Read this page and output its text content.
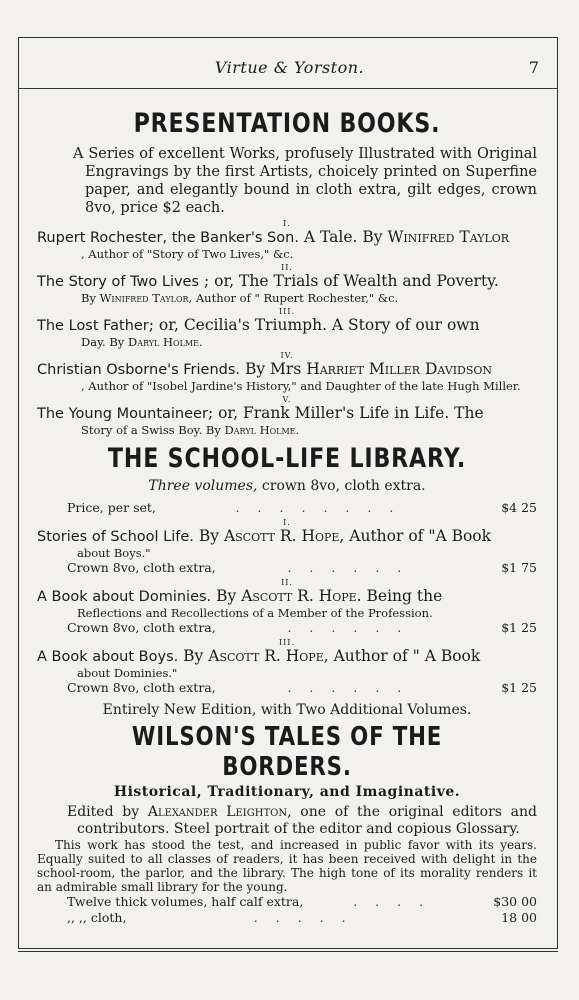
Virtue & Yorston.	7
PRESENTATION BOOKS.
A Series of excellent Works, profusely Illustrated with Original Engravings by the first Artists, choicely printed on Superfine paper, and elegantly bound in cloth extra, gilt edges, crown 8vo, price $2 each.
I.
Rupert Rochester, the Banker's Son. A Tale. By Winifred Taylor
, Author of "Story of Two Lives," &c.
II.
The Story of Two Lives ; or, The Trials of Wealth and Poverty.
By Winifred Taylor, Author of " Rupert Rochester," &c.
III.
The Lost Father; or, Cecilia's Triumph. A Story of our own
Day. By Daryl Holme.
IV.
Christian Osborne's Friends. By Mrs Harriet Miller Davidson
, Author of "Isobel Jardine's History," and Daughter of the late Hugh Miller.
V.
The Young Mountaineer; or, Frank Miller's Life in Life. The
Story of a Swiss Boy. By Daryl Holme.
THE SCHOOL-LIFE LIBRARY.
Three volumes, crown 8vo, cloth extra.
Price, per set,	........	$4 25
I.
Stories of School Life. By Ascott R. Hope, Author of "A Book
about Boys."
Crown 8vo, cloth extra,	......	$1 75
II.
A Book about Dominies. By Ascott R. Hope. Being the
Reflections and Recollections of a Member of the Profession.
Crown 8vo, cloth extra,	......	$1 25
III.
A Book about Boys. By Ascott R. Hope, Author of " A Book
about Dominies."
Crown 8vo, cloth extra,	......	$1 25
Entirely New Edition, with Two Additional Volumes.
WILSON'S TALES OF THE BORDERS.
Historical, Traditionary, and Imaginative.
Edited by Alexander Leighton, one of the original editors and contributors. Steel portrait of the editor and copious Glossary.
This work has stood the test, and increased in public favor with its years. Equally suited to all classes of readers, it has been received with delight in the school-room, the parlor, and the library. The high tone of its morality renders it an admirable small library for the young.
Twelve thick volumes, half calf extra,	....	$30 00
,, ,, cloth,	.....	18 00
